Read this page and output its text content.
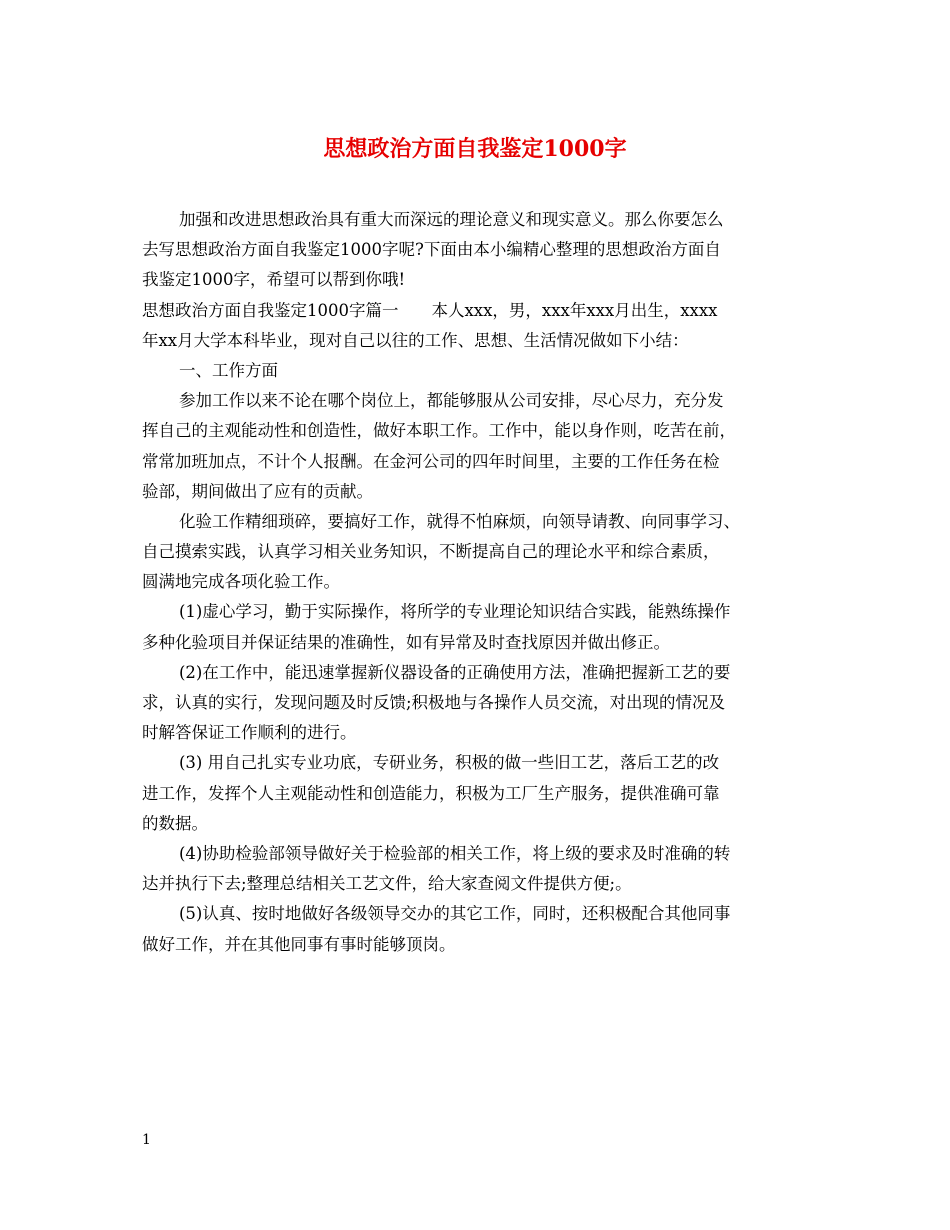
思想政治方面自我鉴定1000字
加强和改进思想政治具有重大而深远的理论意义和现实意义。那么你要怎么
去写思想政治方面自我鉴定1000字呢?下面由本小编精心整理的思想政治方面自
我鉴定1000字，希望可以帮到你哦!
思想政治方面自我鉴定1000字篇一　　本人xxx，男，xxx年xxx月出生，xxxx
年xx月大学本科毕业，现对自己以往的工作、思想、生活情况做如下小结：
一、工作方面
参加工作以来不论在哪个岗位上，都能够服从公司安排，尽心尽力，充分发
挥自己的主观能动性和创造性，做好本职工作。工作中，能以身作则，吃苦在前，
常常加班加点，不计个人报酬。在金河公司的四年时间里，主要的工作任务在检
验部，期间做出了应有的贡献。
化验工作精细琐碎，要搞好工作，就得不怕麻烦，向领导请教、向同事学习、
自己摸索实践，认真学习相关业务知识，不断提高自己的理论水平和综合素质，
圆满地完成各项化验工作。
(1)虚心学习，勤于实际操作，将所学的专业理论知识结合实践，能熟练操作
多种化验项目并保证结果的准确性，如有异常及时查找原因并做出修正。
(2)在工作中，能迅速掌握新仪器设备的正确使用方法，准确把握新工艺的要
求，认真的实行，发现问题及时反馈;积极地与各操作人员交流，对出现的情况及
时解答保证工作顺利的进行。
(3) 用自己扎实专业功底，专研业务，积极的做一些旧工艺，落后工艺的改
进工作，发挥个人主观能动性和创造能力，积极为工厂生产服务，提供准确可靠
的数据。
(4)协助检验部领导做好关于检验部的相关工作，将上级的要求及时准确的转
达并执行下去;整理总结相关工艺文件，给大家查阅文件提供方便;。
(5)认真、按时地做好各级领导交办的其它工作，同时，还积极配合其他同事
做好工作，并在其他同事有事时能够顶岗。
1
